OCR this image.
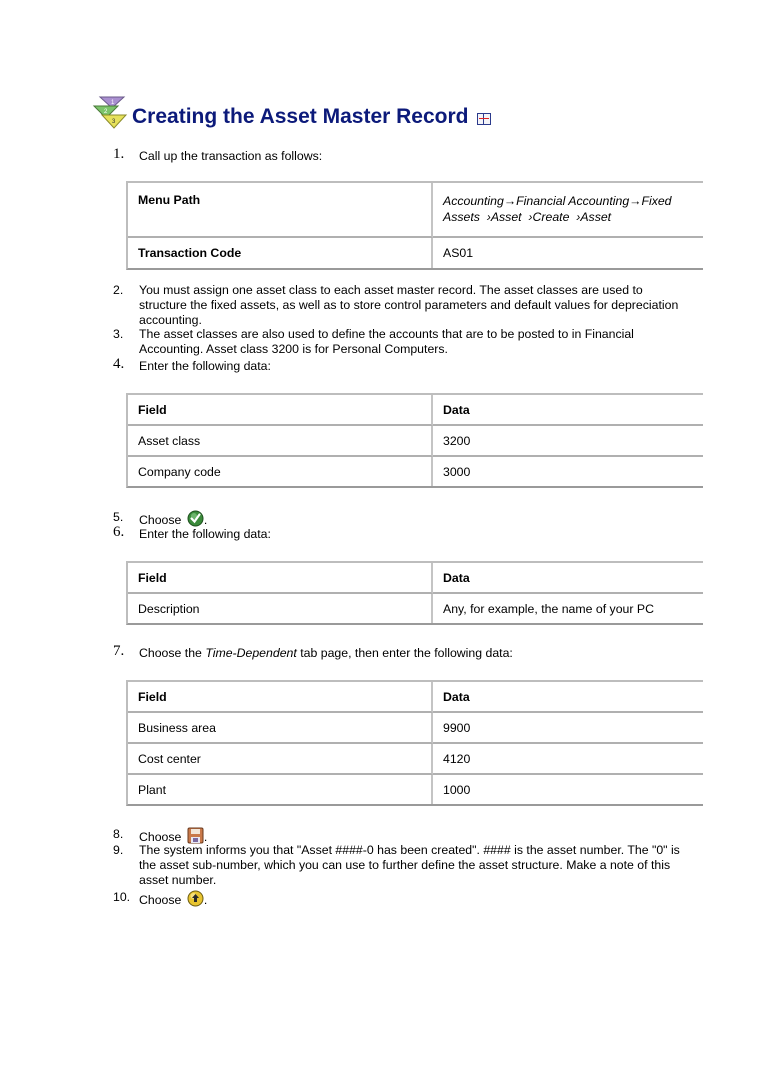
1
2
3 Creating the Asset Master Record
1. Call up the transaction as follows:
Menu Path	Accounting→Financial Accounting→Fixed
Assets  ›Asset  ›Create  ›Asset

Transaction Code	AS01
2. You must assign one asset class to each asset master record. The asset classes are used to structure the fixed assets, as well as to store control parameters and default values for depreciation accounting.
3. The asset classes are also used to define the accounts that are to be posted to in Financial Accounting. Asset class 3200 is for Personal Computers.
4. Enter the following data:
Field	Data
Asset class	3200
Company code	3000
5. Choose .
6. Enter the following data:
Field	Data
Description	Any, for example, the name of your PC
7. Choose the Time-Dependent tab page, then enter the following data:
Field	Data
Business area	9900
Cost center	4120
Plant	1000
8. Choose .
9. The system informs you that "Asset ####-0 has been created". #### is the asset number. The "0" is the asset sub-number, which you can use to further define the asset structure. Make a note of this asset number.
10. Choose .
